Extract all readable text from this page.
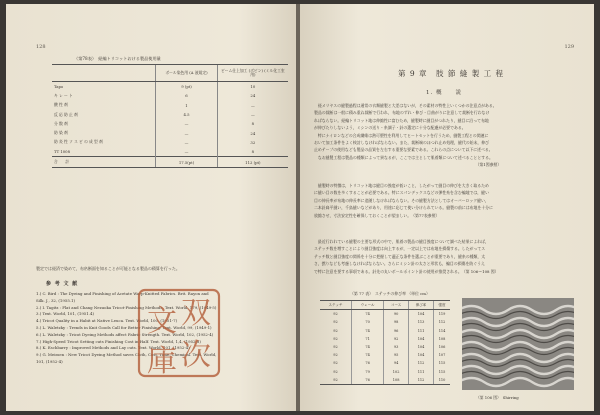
128
（第78表）　経編トリコットおける製品使用量
	ボール染色用 (A 液規定)	ビーム仕上加工 (ボビン) (ミル化工室用)
Tapo	9 (pt)	10
キ レ ー ト	6	24
酸 性 剤	1	—
反 応 防 止 剤	4.5	—
分 散 剤	—	8
防 染 剤	—	24
防 炎 性 ソ ス ビ の 成 型 剤	—	32
TT 1008	—	8
合　　計	17.5(pt)	112 (pt)
製定では経済で染めて，布帛断面を知ることが可能となる製品の積算を行った。
参 考 文 献
1.) C. Bird : The Dyeing and Finishing of Acetate Warp-Knitted Fabrics. Brit. Rayon and
Silk. J., 32, (1955.1)
2.) I. Tagitz : Flat and Chang Nezuoka Tricot-Finishing Methods. Text. World, 179, (1949-5)
3.) Text. World, 101, (1951.4)
4.) Tricot Quality in a Habit at Native Leuca. Text. World, 100, (1951-7)
5.) L. Waletzky : Trends in Knit Goods Call for Better Finishing. Text. World, 99, (1949-1)
6.) L. Waletzky : Tricot Dyeing Methods affect Fabric Strength. Text. World, 102, (1952-4)
7.) High-Speed Tricot Setting cuts Finishing Cost in Half. Text. World, 1,4, (1952-8)
8.) K. Eschbarry : Improved Methods and Lay cuts. Text. World, 101, (1952-4)
9.) G. Meissen : New Tricot Dyeing Method saves Cloth, Cost, Time. Chemical. Text. World,
101, (1952-4)
双
文
次
庫
129
第 9 章　肢 節 縫 製 工 程
1. 概　　説
　経メリヤスの縫製過程は通常の衣類縫製と大差はないが，その素材の特性上いくつかの注意点がある。
製品の裁断は一般に積み重ね裁断で行われ，布地のずれ・伸び・目曲がりに注意して裁断を行わなけ
ればならない。経編トリコット地は伸縮性に富むため，縫製時に縫目がつれたり，縫目に沿って布地
が伸びたりしないよう，ミシンの送り・糸調子・針の選定に十分な配慮が必要である。
　特にナイロンなどの合成繊維は熱可塑性を利用してヒートセットを行うため，縫製工程との関連に
おいて加工条件をよく検討しなければならない。また，裁断端のほつれ止め処理，縫代の始末，伸び
止めテープの使用なども製品の品質を左右する重要な要素である。これらの点について以下に述べる。
　なお縫製工程は製品の種類によって異なるが，ここでは主として肌着類について述べることとする。
　　　　　　　　　　　　　　　　　　　　　　　　　　　　　　　　　　　　　　　　　　（第1図参照）
　縫製時の特徴は，トリコット地は縫目の強度が低いこと，したがって縫目の伸びを大きく取るため
に縫い目の数を多くすることが必要である。特にスパンデックスなどの弾性糸を含む編地では，縫い
目の伸長率が布地の伸長率に追随しなければならない。その縫製方法としてはオーバーロック縫い，
二本針扁平縫い，千鳥縫いなどがあり，用途に応じて使い分けられている。縫製の前には布地を十分に
放縮させ，寸法安定性を確保しておくことが望ましい。（第77表参照）
　最近行われている縫製の主要な形式の中で，肌着の製品の縫目強度について調べた結果によれば，
ステッチ数を増すことにより縫目強度は向上するが，一定以上では布地を損傷する。したがってス
テッチ数と縫目強度の関係を十分に把握して適正な条件を選ぶことが重要であり，縫糸の種類，太
さ，撚りなども考慮しなければならない。さらにミシン針の太さと形状も，編目の損傷を防ぐうえ
で特に注意を要する事項である。針先の丸いボールポイント針の使用が推奨される。（第 106〜108 図）
（第 77 表）　ステッチの伸び率 （単位 cm）
ステッチ	ウェール	コース	伸び率	強度
92	74	90	104	119
92	70	98	113	112
92	74	96	111	114
92	71	92	104	108
92	74	93	104	106
92	74	95	104	107
92	76	94	112	115
92	79	102	111	115
92	76	108	112	110
（第 106 図）　Shirring
